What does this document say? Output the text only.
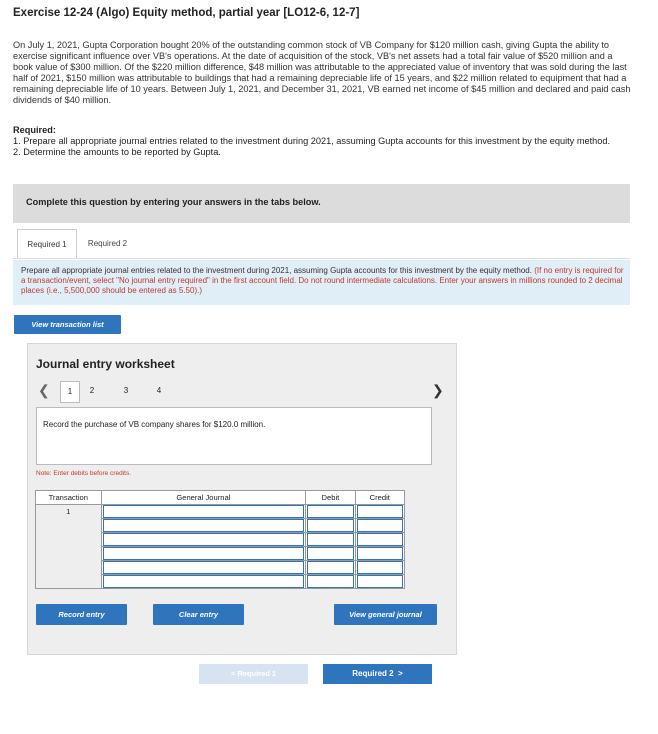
Exercise 12-24 (Algo) Equity method, partial year [LO12-6, 12-7]
On July 1, 2021, Gupta Corporation bought 20% of the outstanding common stock of VB Company for $120 million cash, giving Gupta the ability to exercise significant influence over VB's operations. At the date of acquisition of the stock, VB's net assets had a total fair value of $520 million and a book value of $300 million. Of the $220 million difference, $48 million was attributable to the appreciated value of inventory that was sold during the last half of 2021, $150 million was attributable to buildings that had a remaining depreciable life of 15 years, and $22 million related to equipment that had a remaining depreciable life of 10 years. Between July 1, 2021, and December 31, 2021, VB earned net income of $45 million and declared and paid cash dividends of $40 million.
Required:
1. Prepare all appropriate journal entries related to the investment during 2021, assuming Gupta accounts for this investment by the equity method.
2. Determine the amounts to be reported by Gupta.
Complete this question by entering your answers in the tabs below.
Required 1	Required 2

Prepare all appropriate journal entries related to the investment during 2021, assuming Gupta accounts for this investment by the equity method. (If no entry is required for a transaction/event, select "No journal entry required" in the first account field. Do not round intermediate calculations. Enter your answers in millions rounded to 2 decimal places (i.e., 5,500,000 should be entered as 5.50).)

View transaction list
Journal entry worksheet
❮	1	2	3	4	❯
Record the purchase of VB company shares for $120.0 million.
Note: Enter debits before credits.
Transaction	General Journal	Debit	Credit
1	

Record entry	Clear entry	View general journal
< Required 1	Required 2  >
